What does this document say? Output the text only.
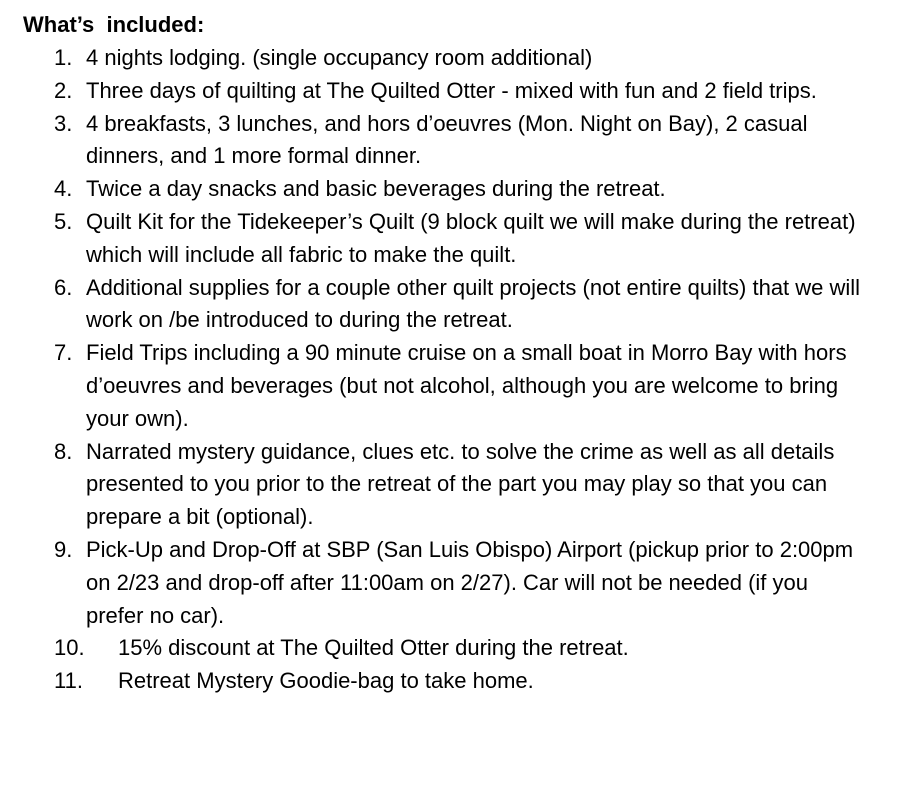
What’s  included:
1. 4 nights lodging. (single occupancy room additional)
2. Three days of quilting at The Quilted Otter - mixed with fun and 2 field trips.
3. 4 breakfasts, 3 lunches, and hors d’oeuvres (Mon. Night on Bay), 2 casual dinners, and 1 more formal dinner.
4. Twice a day snacks and basic beverages during the retreat.
5. Quilt Kit for the Tidekeeper’s Quilt (9 block quilt we will make during the retreat) which will include all fabric to make the quilt.
6. Additional supplies for a couple other quilt projects (not entire quilts) that we will work on /be introduced to during the retreat.
7. Field Trips including a 90 minute cruise on a small boat in Morro Bay with hors d’oeuvres and beverages (but not alcohol, although you are welcome to bring your own).
8. Narrated mystery guidance, clues etc. to solve the crime as well as all details presented to you prior to the retreat of the part you may play so that you can prepare a bit (optional).
9. Pick-Up and Drop-Off at SBP (San Luis Obispo) Airport (pickup prior to 2:00pm on 2/23 and drop-off after 11:00am on 2/27). Car will not be needed (if you prefer no car).
10. 15% discount at The Quilted Otter during the retreat.
11. Retreat Mystery Goodie-bag to take home.
